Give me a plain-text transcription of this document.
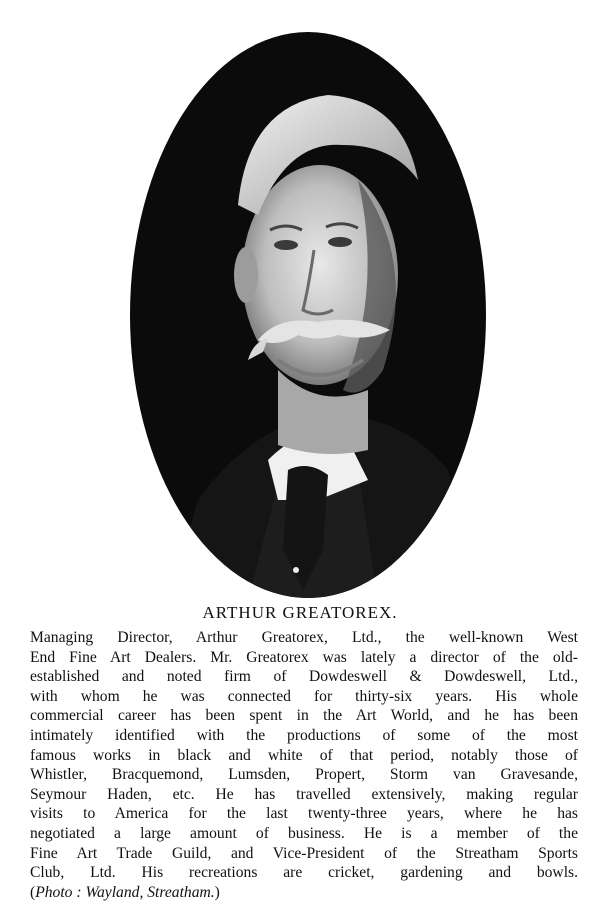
ARTHUR GREATOREX.
Managing Director, Arthur Greatorex, Ltd., the well-known West
End Fine Art Dealers. Mr. Greatorex was lately a director of the old-
established and noted firm of Dowdeswell & Dowdeswell, Ltd.,
with whom he was connected for thirty-six years. His whole
commercial career has been spent in the Art World, and he has been
intimately identified with the productions of some of the most
famous works in black and white of that period, notably those of
Whistler, Bracquemond, Lumsden, Propert, Storm van Gravesande,
Seymour Haden, etc. He has travelled extensively, making regular
visits to America for the last twenty-three years, where he has
negotiated a large amount of business. He is a member of the
Fine Art Trade Guild, and Vice-President of the Streatham Sports
Club, Ltd. His recreations are cricket, gardening and bowls.
(Photo : Wayland, Streatham.)
